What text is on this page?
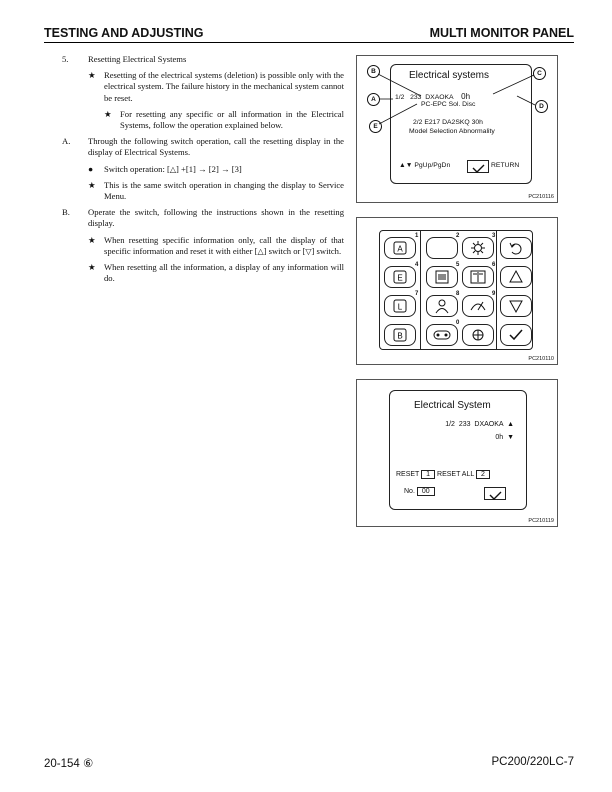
TESTING AND ADJUSTING	MULTI MONITOR PANEL
5.	Resetting Electrical Systems
★ Resetting of the electrical systems (deletion) is possible only with the electrical system. The failure history in the mechanical system cannot be reset.
★ For resetting any specific or all information in the Electrical Systems, follow the operation explained below.
A.	Through the following switch operation, call the resetting display in the display of Electrical Systems.
●	Switch operation: [△] +[1] → [2] → [3]
★ This is the same switch operation in changing the display to Service Menu.
B.	Operate the switch, following the instructions shown in the resetting display.
★ When resetting specific information only, call the display of that specific information and reset it with either [△] switch or [▽] switch.
★ When resetting all the information, a display of any information will do.
Electrical systems
1/2 233 DXAOKA 0h
PC-EPC Sol. Disc
2/2 E217 DA2SKQ 30h
Model Selection Abnormality
▲▼ PgUp/PgDn	RETURN
B
A
E
C
D
PC210116
A
E
L
B
1	2	3
4	5	6
7	8	9
0
PC210110
Electrical System
1/2  233  DXAOKA  ▲
0h  ▼
RESET 1 RESET ALL 2
No. 00
PC210119
20-154 ⑥	PC200/220LC-7
